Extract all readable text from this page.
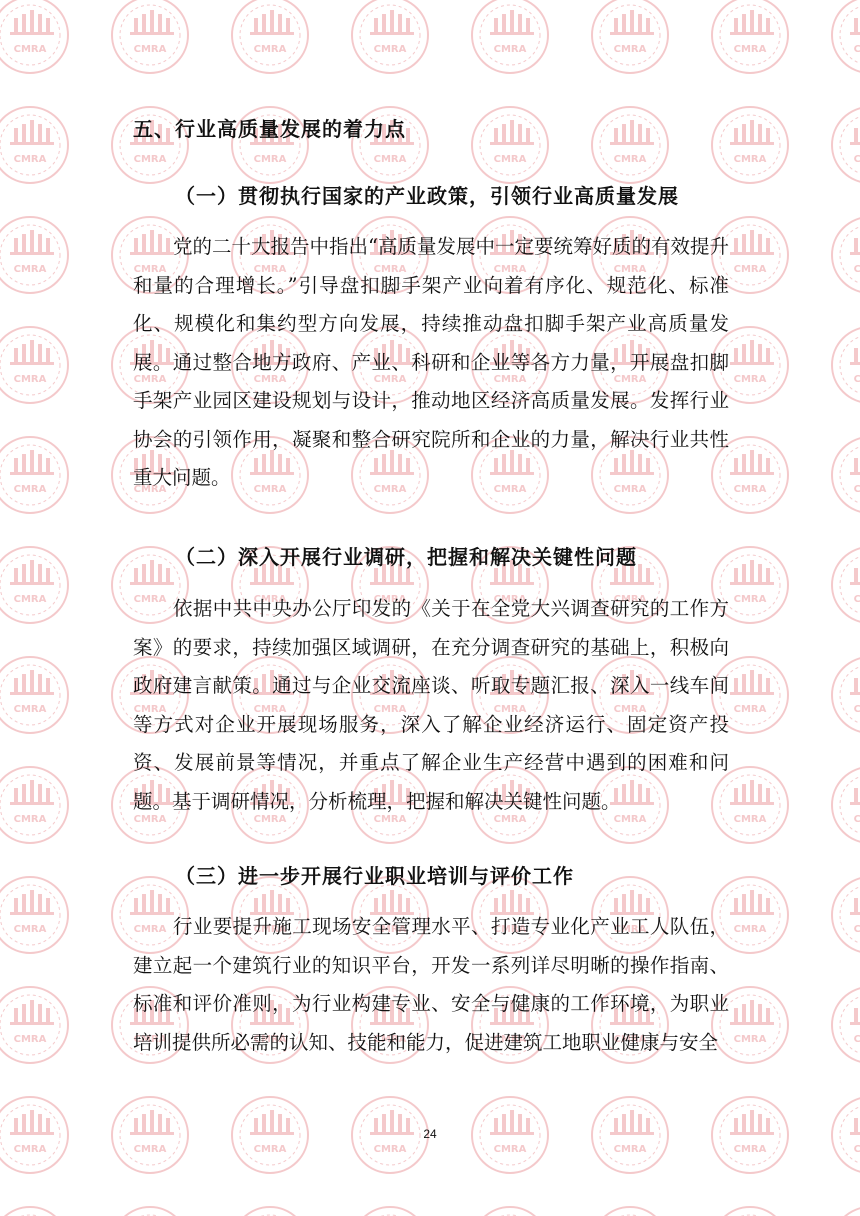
五、行业高质量发展的着力点
（一）贯彻执行国家的产业政策，引领行业高质量发展

党的二十大报告中指出“高质量发展中一定要统筹好质的有效提升和量的合理增长。”引导盘扣脚手架产业向着有序化、规范化、标准化、规模化和集约型方向发展，持续推动盘扣脚手架产业高质量发展。通过整合地方政府、产业、科研和企业等各方力量，开展盘扣脚手架产业园区建设规划与设计，推动地区经济高质量发展。发挥行业协会的引领作用，凝聚和整合研究院所和企业的力量，解决行业共性重大问题。

（二）深入开展行业调研，把握和解决关键性问题

依据中共中央办公厅印发的《关于在全党大兴调查研究的工作方案》的要求，持续加强区域调研，在充分调查研究的基础上，积极向政府建言献策。通过与企业交流座谈、听取专题汇报、深入一线车间等方式对企业开展现场服务，深入了解企业经济运行、固定资产投资、发展前景等情况，并重点了解企业生产经营中遇到的困难和问题。基于调研情况，分析梳理，把握和解决关键性问题。

（三）进一步开展行业职业培训与评价工作

行业要提升施工现场安全管理水平、打造专业化产业工人队伍，建立起一个建筑行业的知识平台，开发一系列详尽明晰的操作指南、标准和评价准则，为行业构建专业、安全与健康的工作环境，为职业培训提供所必需的认知、技能和能力，促进建筑工地职业健康与安全

24
